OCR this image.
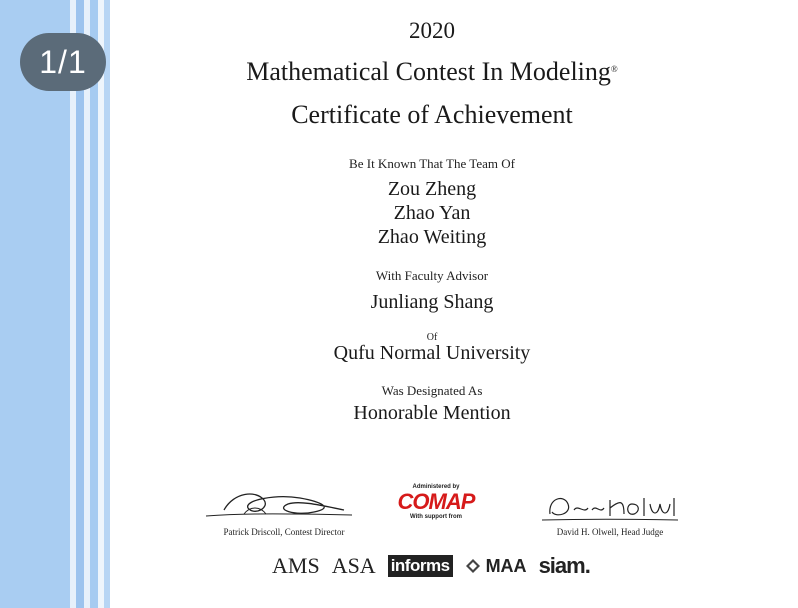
1/1
2020
Mathematical Contest In Modeling®
Certificate of Achievement
Be It Known That The Team Of
Zou Zheng
Zhao Yan
Zhao Weiting
With Faculty Advisor
Junliang Shang
Of
Qufu Normal University
Was Designated As
Honorable Mention
Patrick Driscoll, Contest Director
Administered by
COMAP
With support from
David H. Olwell, Head Judge
AMS ASA informs	MAA siam.
